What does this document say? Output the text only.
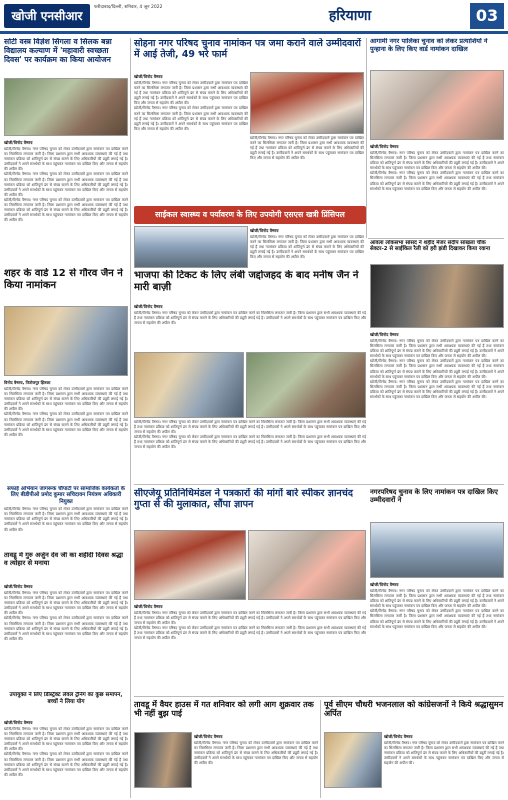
खोजी एनसीआर
फरीदाबाद/दिल्ली, शनिवार, 4 जून 2022
हरियाणा	03
सोटी वस्त्र विज्ञेश सिंगला व सिलक बन्ना विद्यालय कल्याण में 'महावारी स्वच्छता दिवस' पर कार्यक्रम का किया आयोजन
खोजी/विनोद वैष्णव
खोजी/विनोद वैष्णव। नगर परिषद चुनाव को लेकर उम्मीदवारों द्वारा नामांकन पत्र दाखिल करने का सिलसिला लगातार जारी है। जिला प्रशासन द्वारा सभी आवश्यक व्यवस्थाएं की गई हैं तथा नामांकन प्रक्रिया को शांतिपूर्ण ढंग से संपन्न कराने के लिए अधिकारियों की ड्यूटी लगाई गई है। उम्मीदवारों ने अपने समर्थकों के साथ पहुंचकर नामांकन पत्र दाखिल किए और जनता से सहयोग की अपील की।
खोजी/विनोद वैष्णव। नगर परिषद चुनाव को लेकर उम्मीदवारों द्वारा नामांकन पत्र दाखिल करने का सिलसिला लगातार जारी है। जिला प्रशासन द्वारा सभी आवश्यक व्यवस्थाएं की गई हैं तथा नामांकन प्रक्रिया को शांतिपूर्ण ढंग से संपन्न कराने के लिए अधिकारियों की ड्यूटी लगाई गई है। उम्मीदवारों ने अपने समर्थकों के साथ पहुंचकर नामांकन पत्र दाखिल किए और जनता से सहयोग की अपील की।
खोजी/विनोद वैष्णव। नगर परिषद चुनाव को लेकर उम्मीदवारों द्वारा नामांकन पत्र दाखिल करने का सिलसिला लगातार जारी है। जिला प्रशासन द्वारा सभी आवश्यक व्यवस्थाएं की गई हैं तथा नामांकन प्रक्रिया को शांतिपूर्ण ढंग से संपन्न कराने के लिए अधिकारियों की ड्यूटी लगाई गई है। उम्मीदवारों ने अपने समर्थकों के साथ पहुंचकर नामांकन पत्र दाखिल किए और जनता से सहयोग की अपील की।
शहर के वार्ड 12 से गौरव जैन ने किया नामांकन
विनोद वैष्णव, फिरोजपुर झिरका
खोजी/विनोद वैष्णव। नगर परिषद चुनाव को लेकर उम्मीदवारों द्वारा नामांकन पत्र दाखिल करने का सिलसिला लगातार जारी है। जिला प्रशासन द्वारा सभी आवश्यक व्यवस्थाएं की गई हैं तथा नामांकन प्रक्रिया को शांतिपूर्ण ढंग से संपन्न कराने के लिए अधिकारियों की ड्यूटी लगाई गई है। उम्मीदवारों ने अपने समर्थकों के साथ पहुंचकर नामांकन पत्र दाखिल किए और जनता से सहयोग की अपील की।
खोजी/विनोद वैष्णव। नगर परिषद चुनाव को लेकर उम्मीदवारों द्वारा नामांकन पत्र दाखिल करने का सिलसिला लगातार जारी है। जिला प्रशासन द्वारा सभी आवश्यक व्यवस्थाएं की गई हैं तथा नामांकन प्रक्रिया को शांतिपूर्ण ढंग से संपन्न कराने के लिए अधिकारियों की ड्यूटी लगाई गई है। उम्मीदवारों ने अपने समर्थकों के साथ पहुंचकर नामांकन पत्र दाखिल किए और जनता से सहयोग की अपील की।
सफाई अभियान जागरूक चौपाटी पर सामाजिक कार्यकर्ता के लिए बीडीपीओ प्रमोद कुमार सचिदावन नियंत्रण अधिकारी नियुक्त
खोजी/विनोद वैष्णव। नगर परिषद चुनाव को लेकर उम्मीदवारों द्वारा नामांकन पत्र दाखिल करने का सिलसिला लगातार जारी है। जिला प्रशासन द्वारा सभी आवश्यक व्यवस्थाएं की गई हैं तथा नामांकन प्रक्रिया को शांतिपूर्ण ढंग से संपन्न कराने के लिए अधिकारियों की ड्यूटी लगाई गई है। उम्मीदवारों ने अपने समर्थकों के साथ पहुंचकर नामांकन पत्र दाखिल किए और जनता से सहयोग की अपील की।
तावडू में गुरु अर्जुन देव जी का शहीदी दिवस श्रद्धा व त्योहार से मनाया
खोजी/विनोद वैष्णव
खोजी/विनोद वैष्णव। नगर परिषद चुनाव को लेकर उम्मीदवारों द्वारा नामांकन पत्र दाखिल करने का सिलसिला लगातार जारी है। जिला प्रशासन द्वारा सभी आवश्यक व्यवस्थाएं की गई हैं तथा नामांकन प्रक्रिया को शांतिपूर्ण ढंग से संपन्न कराने के लिए अधिकारियों की ड्यूटी लगाई गई है। उम्मीदवारों ने अपने समर्थकों के साथ पहुंचकर नामांकन पत्र दाखिल किए और जनता से सहयोग की अपील की।
खोजी/विनोद वैष्णव। नगर परिषद चुनाव को लेकर उम्मीदवारों द्वारा नामांकन पत्र दाखिल करने का सिलसिला लगातार जारी है। जिला प्रशासन द्वारा सभी आवश्यक व्यवस्थाएं की गई हैं तथा नामांकन प्रक्रिया को शांतिपूर्ण ढंग से संपन्न कराने के लिए अधिकारियों की ड्यूटी लगाई गई है। उम्मीदवारों ने अपने समर्थकों के साथ पहुंचकर नामांकन पत्र दाखिल किए और जनता से सहयोग की अपील की।
उपायुक्त ने लिए डिस्ट्रिक्ट लेवल ट्रेनिंग का कुछ समापन, बच्चों ने लिया योग
खोजी/विनोद वैष्णव
खोजी/विनोद वैष्णव। नगर परिषद चुनाव को लेकर उम्मीदवारों द्वारा नामांकन पत्र दाखिल करने का सिलसिला लगातार जारी है। जिला प्रशासन द्वारा सभी आवश्यक व्यवस्थाएं की गई हैं तथा नामांकन प्रक्रिया को शांतिपूर्ण ढंग से संपन्न कराने के लिए अधिकारियों की ड्यूटी लगाई गई है। उम्मीदवारों ने अपने समर्थकों के साथ पहुंचकर नामांकन पत्र दाखिल किए और जनता से सहयोग की अपील की।
खोजी/विनोद वैष्णव। नगर परिषद चुनाव को लेकर उम्मीदवारों द्वारा नामांकन पत्र दाखिल करने का सिलसिला लगातार जारी है। जिला प्रशासन द्वारा सभी आवश्यक व्यवस्थाएं की गई हैं तथा नामांकन प्रक्रिया को शांतिपूर्ण ढंग से संपन्न कराने के लिए अधिकारियों की ड्यूटी लगाई गई है। उम्मीदवारों ने अपने समर्थकों के साथ पहुंचकर नामांकन पत्र दाखिल किए और जनता से सहयोग की अपील की।
सोहना नगर परिषद चुनाव नामांकन पत्र जमा कराने वाले उम्मीदवारों में आई तेजी, 49 भरे फार्म
खोजी/विनोद वैष्णव
खोजी/विनोद वैष्णव। नगर परिषद चुनाव को लेकर उम्मीदवारों द्वारा नामांकन पत्र दाखिल करने का सिलसिला लगातार जारी है। जिला प्रशासन द्वारा सभी आवश्यक व्यवस्थाएं की गई हैं तथा नामांकन प्रक्रिया को शांतिपूर्ण ढंग से संपन्न कराने के लिए अधिकारियों की ड्यूटी लगाई गई है। उम्मीदवारों ने अपने समर्थकों के साथ पहुंचकर नामांकन पत्र दाखिल किए और जनता से सहयोग की अपील की।
खोजी/विनोद वैष्णव। नगर परिषद चुनाव को लेकर उम्मीदवारों द्वारा नामांकन पत्र दाखिल करने का सिलसिला लगातार जारी है। जिला प्रशासन द्वारा सभी आवश्यक व्यवस्थाएं की गई हैं तथा नामांकन प्रक्रिया को शांतिपूर्ण ढंग से संपन्न कराने के लिए अधिकारियों की ड्यूटी लगाई गई है। उम्मीदवारों ने अपने समर्थकों के साथ पहुंचकर नामांकन पत्र दाखिल किए और जनता से सहयोग की अपील की।
खोजी/विनोद वैष्णव। नगर परिषद चुनाव को लेकर उम्मीदवारों द्वारा नामांकन पत्र दाखिल करने का सिलसिला लगातार जारी है। जिला प्रशासन द्वारा सभी आवश्यक व्यवस्थाएं की गई हैं तथा नामांकन प्रक्रिया को शांतिपूर्ण ढंग से संपन्न कराने के लिए अधिकारियों की ड्यूटी लगाई गई है। उम्मीदवारों ने अपने समर्थकों के साथ पहुंचकर नामांकन पत्र दाखिल किए और जनता से सहयोग की अपील की।
आगामी नगर पालिका चुनाव को लेकर प्रत्याशियों ने पुन्हाना के लिए किए वार्ड नामांकन दाखिल
खोजी/विनोद वैष्णव
खोजी/विनोद वैष्णव। नगर परिषद चुनाव को लेकर उम्मीदवारों द्वारा नामांकन पत्र दाखिल करने का सिलसिला लगातार जारी है। जिला प्रशासन द्वारा सभी आवश्यक व्यवस्थाएं की गई हैं तथा नामांकन प्रक्रिया को शांतिपूर्ण ढंग से संपन्न कराने के लिए अधिकारियों की ड्यूटी लगाई गई है। उम्मीदवारों ने अपने समर्थकों के साथ पहुंचकर नामांकन पत्र दाखिल किए और जनता से सहयोग की अपील की।
खोजी/विनोद वैष्णव। नगर परिषद चुनाव को लेकर उम्मीदवारों द्वारा नामांकन पत्र दाखिल करने का सिलसिला लगातार जारी है। जिला प्रशासन द्वारा सभी आवश्यक व्यवस्थाएं की गई हैं तथा नामांकन प्रक्रिया को शांतिपूर्ण ढंग से संपन्न कराने के लिए अधिकारियों की ड्यूटी लगाई गई है। उम्मीदवारों ने अपने समर्थकों के साथ पहुंचकर नामांकन पत्र दाखिल किए और जनता से सहयोग की अपील की।
साईकल स्वास्थ्य व पर्यावरण के लिए उपयोगी एसएस खत्री प्रिंसिपल
खोजी/विनोद वैष्णव
खोजी/विनोद वैष्णव। नगर परिषद चुनाव को लेकर उम्मीदवारों द्वारा नामांकन पत्र दाखिल करने का सिलसिला लगातार जारी है। जिला प्रशासन द्वारा सभी आवश्यक व्यवस्थाएं की गई हैं तथा नामांकन प्रक्रिया को शांतिपूर्ण ढंग से संपन्न कराने के लिए अधिकारियों की ड्यूटी लगाई गई है। उम्मीदवारों ने अपने समर्थकों के साथ पहुंचकर नामांकन पत्र दाखिल किए और जनता से सहयोग की अपील की।
भाजपा की टिकट के लिए लंबी जद्दोजहद के बाद मनीष जैन ने मारी बाज़ी
खोजी/विनोद वैष्णव
खोजी/विनोद वैष्णव। नगर परिषद चुनाव को लेकर उम्मीदवारों द्वारा नामांकन पत्र दाखिल करने का सिलसिला लगातार जारी है। जिला प्रशासन द्वारा सभी आवश्यक व्यवस्थाएं की गई हैं तथा नामांकन प्रक्रिया को शांतिपूर्ण ढंग से संपन्न कराने के लिए अधिकारियों की ड्यूटी लगाई गई है। उम्मीदवारों ने अपने समर्थकों के साथ पहुंचकर नामांकन पत्र दाखिल किए और जनता से सहयोग की अपील की।
खोजी/विनोद वैष्णव। नगर परिषद चुनाव को लेकर उम्मीदवारों द्वारा नामांकन पत्र दाखिल करने का सिलसिला लगातार जारी है। जिला प्रशासन द्वारा सभी आवश्यक व्यवस्थाएं की गई हैं तथा नामांकन प्रक्रिया को शांतिपूर्ण ढंग से संपन्न कराने के लिए अधिकारियों की ड्यूटी लगाई गई है। उम्मीदवारों ने अपने समर्थकों के साथ पहुंचकर नामांकन पत्र दाखिल किए और जनता से सहयोग की अपील की।
खोजी/विनोद वैष्णव। नगर परिषद चुनाव को लेकर उम्मीदवारों द्वारा नामांकन पत्र दाखिल करने का सिलसिला लगातार जारी है। जिला प्रशासन द्वारा सभी आवश्यक व्यवस्थाएं की गई हैं तथा नामांकन प्रक्रिया को शांतिपूर्ण ढंग से संपन्न कराने के लिए अधिकारियों की ड्यूटी लगाई गई है। उम्मीदवारों ने अपने समर्थकों के साथ पहुंचकर नामांकन पत्र दाखिल किए और जनता से सहयोग की अपील की।
आंवला लोकसभा सांसद ने शहीद मेजर संदीप सांखला चौक सेक्टर-2 से साईकिल रैली को हरी झंडी दिखाकर किया रवाना
खोजी/विनोद वैष्णव
खोजी/विनोद वैष्णव। नगर परिषद चुनाव को लेकर उम्मीदवारों द्वारा नामांकन पत्र दाखिल करने का सिलसिला लगातार जारी है। जिला प्रशासन द्वारा सभी आवश्यक व्यवस्थाएं की गई हैं तथा नामांकन प्रक्रिया को शांतिपूर्ण ढंग से संपन्न कराने के लिए अधिकारियों की ड्यूटी लगाई गई है। उम्मीदवारों ने अपने समर्थकों के साथ पहुंचकर नामांकन पत्र दाखिल किए और जनता से सहयोग की अपील की।
खोजी/विनोद वैष्णव। नगर परिषद चुनाव को लेकर उम्मीदवारों द्वारा नामांकन पत्र दाखिल करने का सिलसिला लगातार जारी है। जिला प्रशासन द्वारा सभी आवश्यक व्यवस्थाएं की गई हैं तथा नामांकन प्रक्रिया को शांतिपूर्ण ढंग से संपन्न कराने के लिए अधिकारियों की ड्यूटी लगाई गई है। उम्मीदवारों ने अपने समर्थकों के साथ पहुंचकर नामांकन पत्र दाखिल किए और जनता से सहयोग की अपील की।
खोजी/विनोद वैष्णव। नगर परिषद चुनाव को लेकर उम्मीदवारों द्वारा नामांकन पत्र दाखिल करने का सिलसिला लगातार जारी है। जिला प्रशासन द्वारा सभी आवश्यक व्यवस्थाएं की गई हैं तथा नामांकन प्रक्रिया को शांतिपूर्ण ढंग से संपन्न कराने के लिए अधिकारियों की ड्यूटी लगाई गई है। उम्मीदवारों ने अपने समर्थकों के साथ पहुंचकर नामांकन पत्र दाखिल किए और जनता से सहयोग की अपील की।
सीएजेयू प्रतिनिधिमंडल ने पत्रकारों की मांगों बारे स्पीकर ज्ञानचंद गुप्ता से की मुलाकात, सौंपा ज्ञापन
खोजी/विनोद वैष्णव
खोजी/विनोद वैष्णव। नगर परिषद चुनाव को लेकर उम्मीदवारों द्वारा नामांकन पत्र दाखिल करने का सिलसिला लगातार जारी है। जिला प्रशासन द्वारा सभी आवश्यक व्यवस्थाएं की गई हैं तथा नामांकन प्रक्रिया को शांतिपूर्ण ढंग से संपन्न कराने के लिए अधिकारियों की ड्यूटी लगाई गई है। उम्मीदवारों ने अपने समर्थकों के साथ पहुंचकर नामांकन पत्र दाखिल किए और जनता से सहयोग की अपील की।
खोजी/विनोद वैष्णव। नगर परिषद चुनाव को लेकर उम्मीदवारों द्वारा नामांकन पत्र दाखिल करने का सिलसिला लगातार जारी है। जिला प्रशासन द्वारा सभी आवश्यक व्यवस्थाएं की गई हैं तथा नामांकन प्रक्रिया को शांतिपूर्ण ढंग से संपन्न कराने के लिए अधिकारियों की ड्यूटी लगाई गई है। उम्मीदवारों ने अपने समर्थकों के साथ पहुंचकर नामांकन पत्र दाखिल किए और जनता से सहयोग की अपील की।
नगरपरिषद चुनाव के लिए नामांकन पत्र दाखिल किए उम्मीदवारों ने
खोजी/विनोद वैष्णव
खोजी/विनोद वैष्णव। नगर परिषद चुनाव को लेकर उम्मीदवारों द्वारा नामांकन पत्र दाखिल करने का सिलसिला लगातार जारी है। जिला प्रशासन द्वारा सभी आवश्यक व्यवस्थाएं की गई हैं तथा नामांकन प्रक्रिया को शांतिपूर्ण ढंग से संपन्न कराने के लिए अधिकारियों की ड्यूटी लगाई गई है। उम्मीदवारों ने अपने समर्थकों के साथ पहुंचकर नामांकन पत्र दाखिल किए और जनता से सहयोग की अपील की।
खोजी/विनोद वैष्णव। नगर परिषद चुनाव को लेकर उम्मीदवारों द्वारा नामांकन पत्र दाखिल करने का सिलसिला लगातार जारी है। जिला प्रशासन द्वारा सभी आवश्यक व्यवस्थाएं की गई हैं तथा नामांकन प्रक्रिया को शांतिपूर्ण ढंग से संपन्न कराने के लिए अधिकारियों की ड्यूटी लगाई गई है। उम्मीदवारों ने अपने समर्थकों के साथ पहुंचकर नामांकन पत्र दाखिल किए और जनता से सहयोग की अपील की।
तावडू में वैयर हाउस में गत शनिवार को लगी आग शुक्रवार तक भी नहीं बुझ पाई
खोजी/विनोद वैष्णव
खोजी/विनोद वैष्णव। नगर परिषद चुनाव को लेकर उम्मीदवारों द्वारा नामांकन पत्र दाखिल करने का सिलसिला लगातार जारी है। जिला प्रशासन द्वारा सभी आवश्यक व्यवस्थाएं की गई हैं तथा नामांकन प्रक्रिया को शांतिपूर्ण ढंग से संपन्न कराने के लिए अधिकारियों की ड्यूटी लगाई गई है। उम्मीदवारों ने अपने समर्थकों के साथ पहुंचकर नामांकन पत्र दाखिल किए और जनता से सहयोग की अपील की।
पूर्व सीएम चौधरी भजनलाल को कांग्रेसजनों ने किये श्रद्धासुमन अर्पित
खोजी/विनोद वैष्णव
खोजी/विनोद वैष्णव। नगर परिषद चुनाव को लेकर उम्मीदवारों द्वारा नामांकन पत्र दाखिल करने का सिलसिला लगातार जारी है। जिला प्रशासन द्वारा सभी आवश्यक व्यवस्थाएं की गई हैं तथा नामांकन प्रक्रिया को शांतिपूर्ण ढंग से संपन्न कराने के लिए अधिकारियों की ड्यूटी लगाई गई है। उम्मीदवारों ने अपने समर्थकों के साथ पहुंचकर नामांकन पत्र दाखिल किए और जनता से सहयोग की अपील की।
